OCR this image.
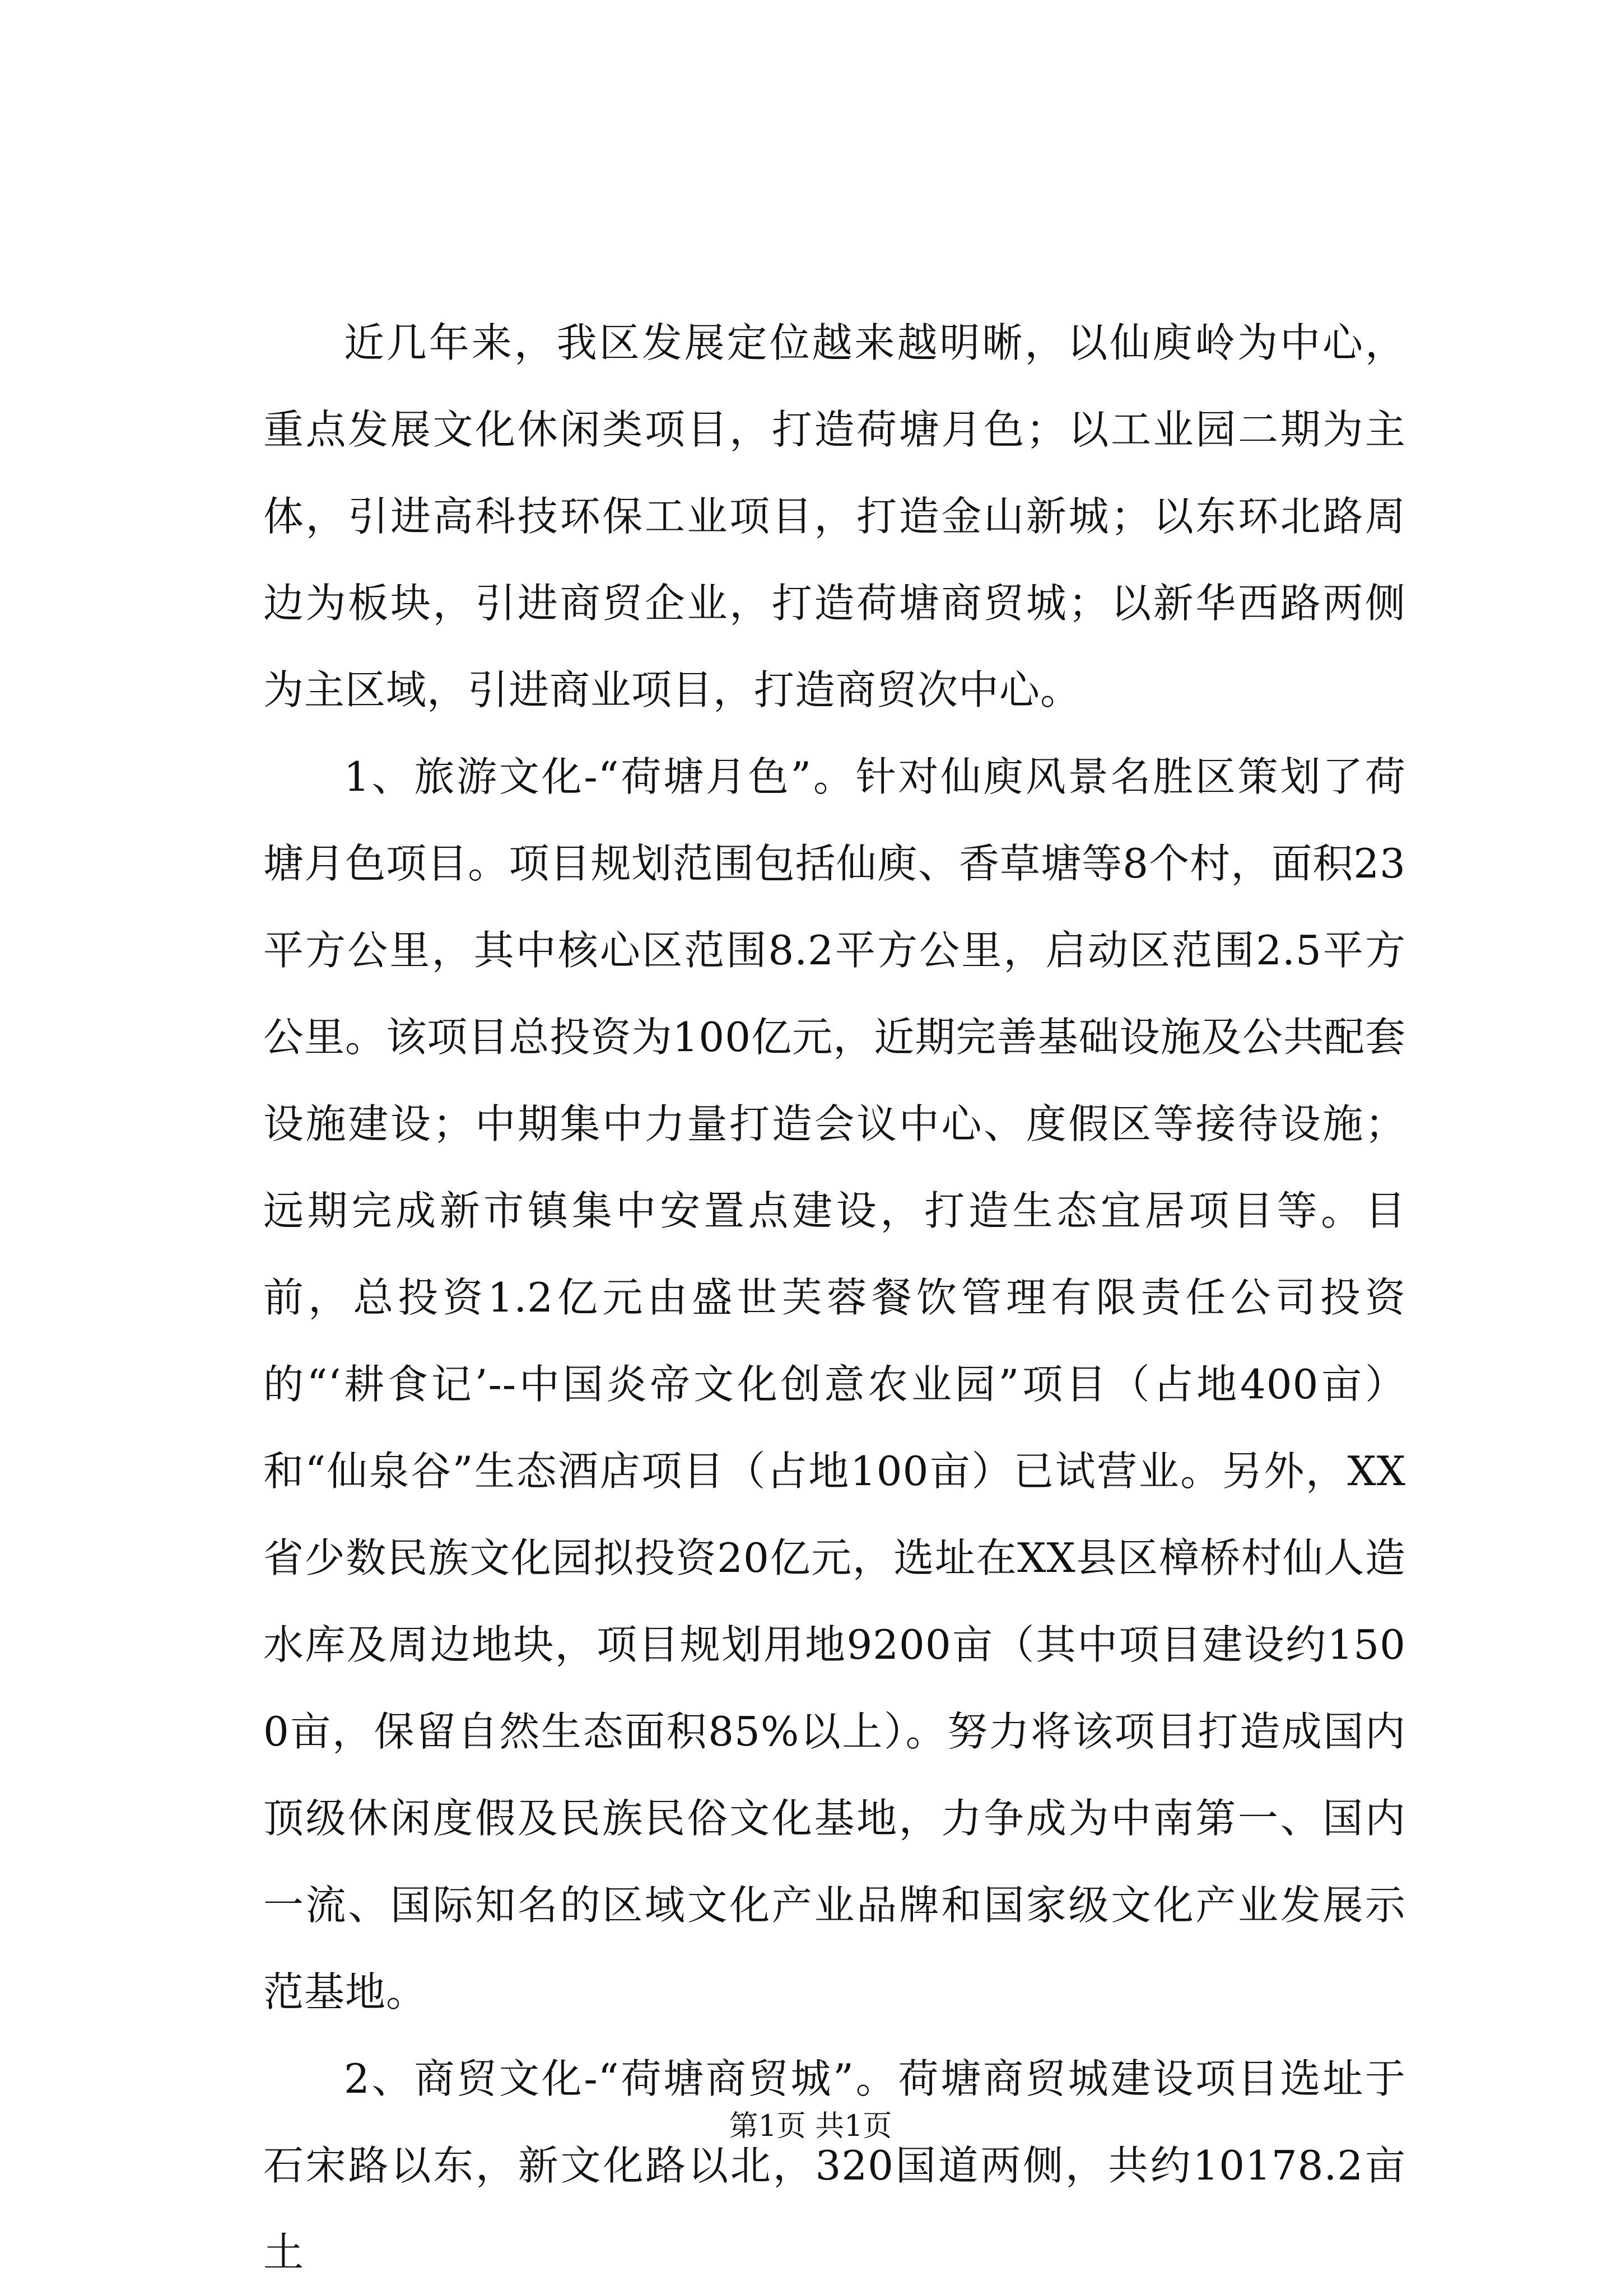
近几年来，我区发展定位越来越明晰，以仙庾岭为中心，重点发展文化休闲类项目，打造荷塘月色；以工业园二期为主体，引进高科技环保工业项目，打造金山新城；以东环北路周边为板块，引进商贸企业，打造荷塘商贸城；以新华西路两侧为主区域，引进商业项目，打造商贸次中心。

1、旅游文化-“荷塘月色”。针对仙庾风景名胜区策划了荷塘月色项目。项目规划范围包括仙庾、香草塘等8个村，面积23平方公里，其中核心区范围8.2平方公里，启动区范围2.5平方公里。该项目总投资为100亿元，近期完善基础设施及公共配套设施建设；中期集中力量打造会议中心、度假区等接待设施；远期完成新市镇集中安置点建设，打造生态宜居项目等。目前，总投资1.2亿元由盛世芙蓉餐饮管理有限责任公司投资的“‘耕食记’--中国炎帝文化创意农业园”项目（占地400亩）和“仙泉谷”生态酒店项目（占地100亩）已试营业。另外，XX省少数民族文化园拟投资20亿元，选址在XX县区樟桥村仙人造水库及周边地块，项目规划用地9200亩（其中项目建设约1500亩，保留自然生态面积85%以上）。努力将该项目打造成国内顶级休闲度假及民族民俗文化基地，力争成为中南第一、国内一流、国际知名的区域文化产业品牌和国家级文化产业发展示范基地。

2、商贸文化-“荷塘商贸城”。荷塘商贸城建设项目选址于石宋路以东，新文化路以北，320国道两侧，共约10178.2亩土

第1页 共1页
